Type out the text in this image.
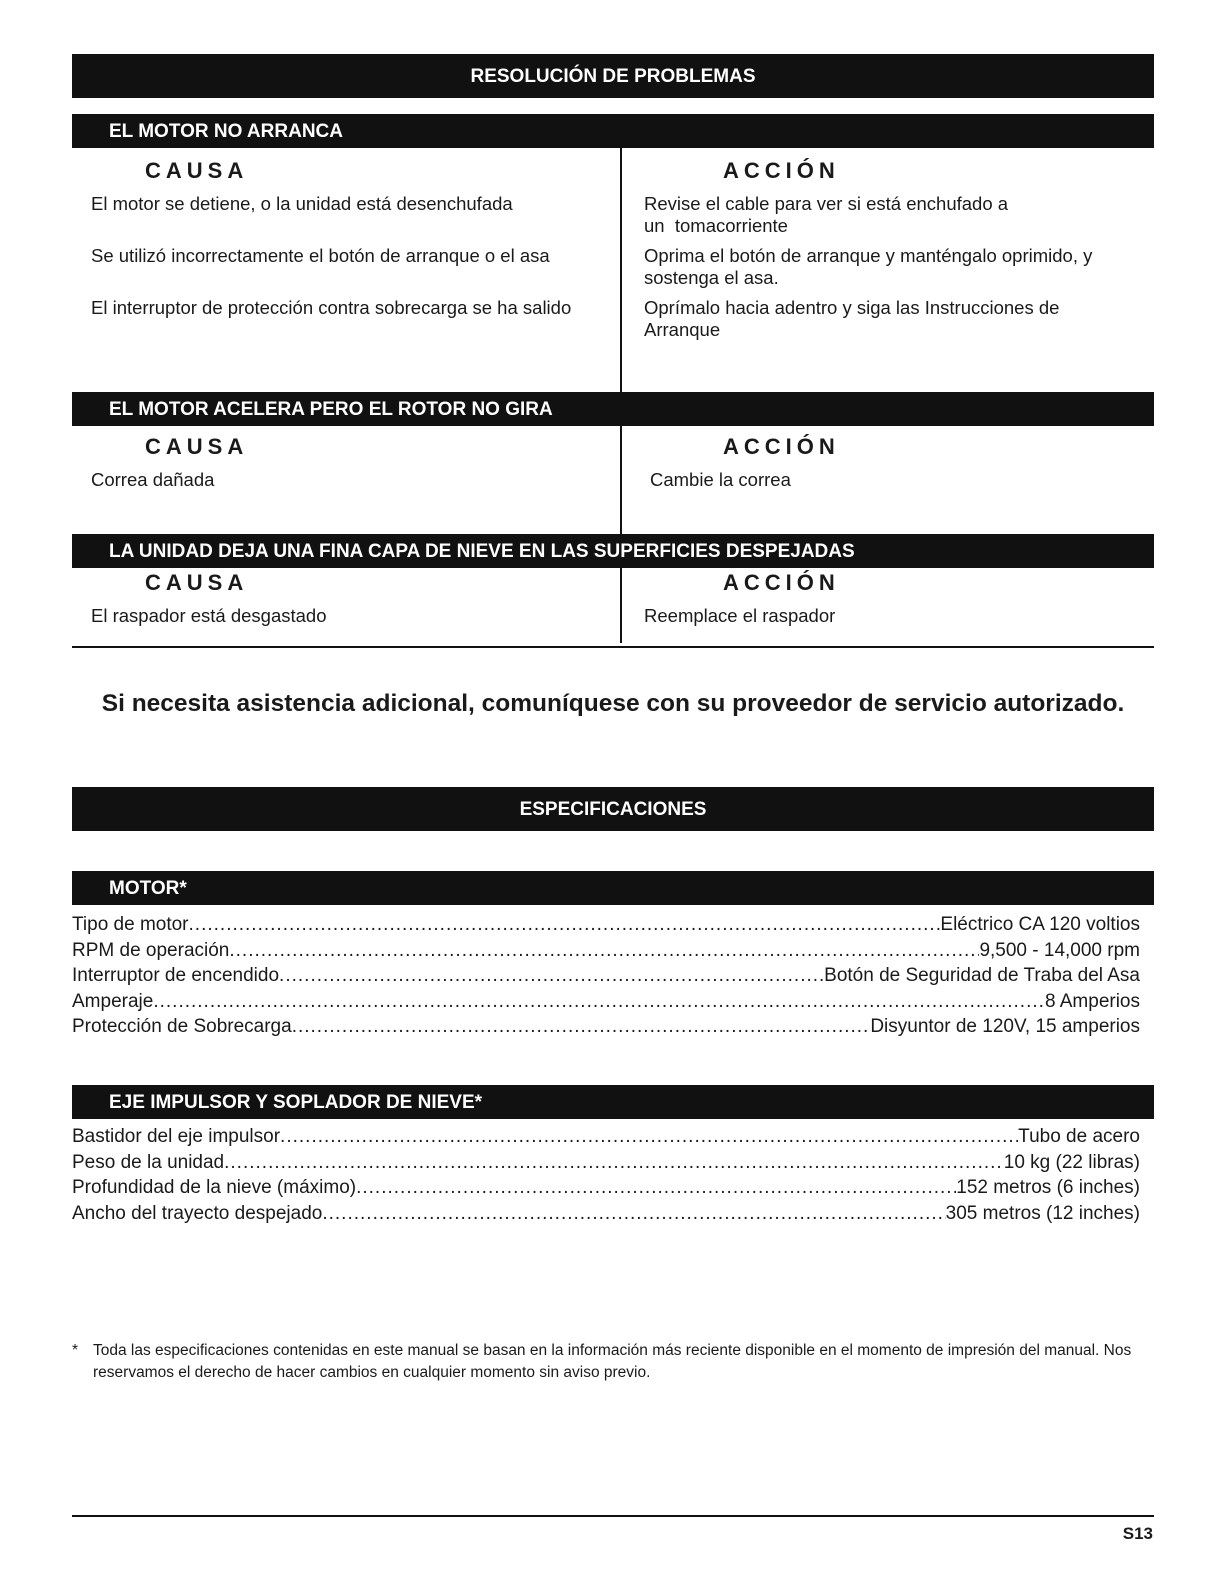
RESOLUCIÓN DE PROBLEMAS
EL MOTOR NO ARRANCA
CAUSA	ACCIÓN
El motor se detiene, o la unidad está desenchufada	Revise el cable para ver si está enchufado a un  tomacorriente
Se utilizó incorrectamente el botón de arranque o el asa	Oprima el botón de arranque y manténgalo oprimido, y sostenga el asa.
El interruptor de protección contra sobrecarga se ha salido	Oprímalo hacia adentro y siga las Instrucciones de Arranque
EL MOTOR ACELERA PERO EL ROTOR NO GIRA
CAUSA	ACCIÓN
Correa dañada	Cambie la correa
LA UNIDAD DEJA UNA FINA CAPA DE NIEVE EN LAS SUPERFICIES DESPEJADAS
CAUSA	ACCIÓN
El raspador está desgastado	Reemplace el raspador
Si necesita asistencia adicional, comuníquese con su proveedor de servicio autorizado.
ESPECIFICACIONES
MOTOR*
Tipo de motor .....	Eléctrico CA 120 voltios
RPM de operación .....	9,500 - 14,000 rpm
Interruptor de encendido .....	Botón de Seguridad de Traba del Asa
Amperaje .....	8 Amperios
Protección de Sobrecarga .....	Disyuntor de 120V, 15 amperios
EJE IMPULSOR Y SOPLADOR DE NIEVE*
Bastidor del eje impulsor .....	Tubo de acero
Peso de la unidad .....	10 kg (22 libras)
Profundidad de la nieve (máximo) .....	152 metros (6 inches)
Ancho del trayecto despejado .....	305 metros (12 inches)
* Toda las especificaciones contenidas en este manual se basan en la información más reciente disponible en el momento de impresión del manual. Nos reservamos el derecho de hacer cambios en cualquier momento sin aviso previo.
S13
